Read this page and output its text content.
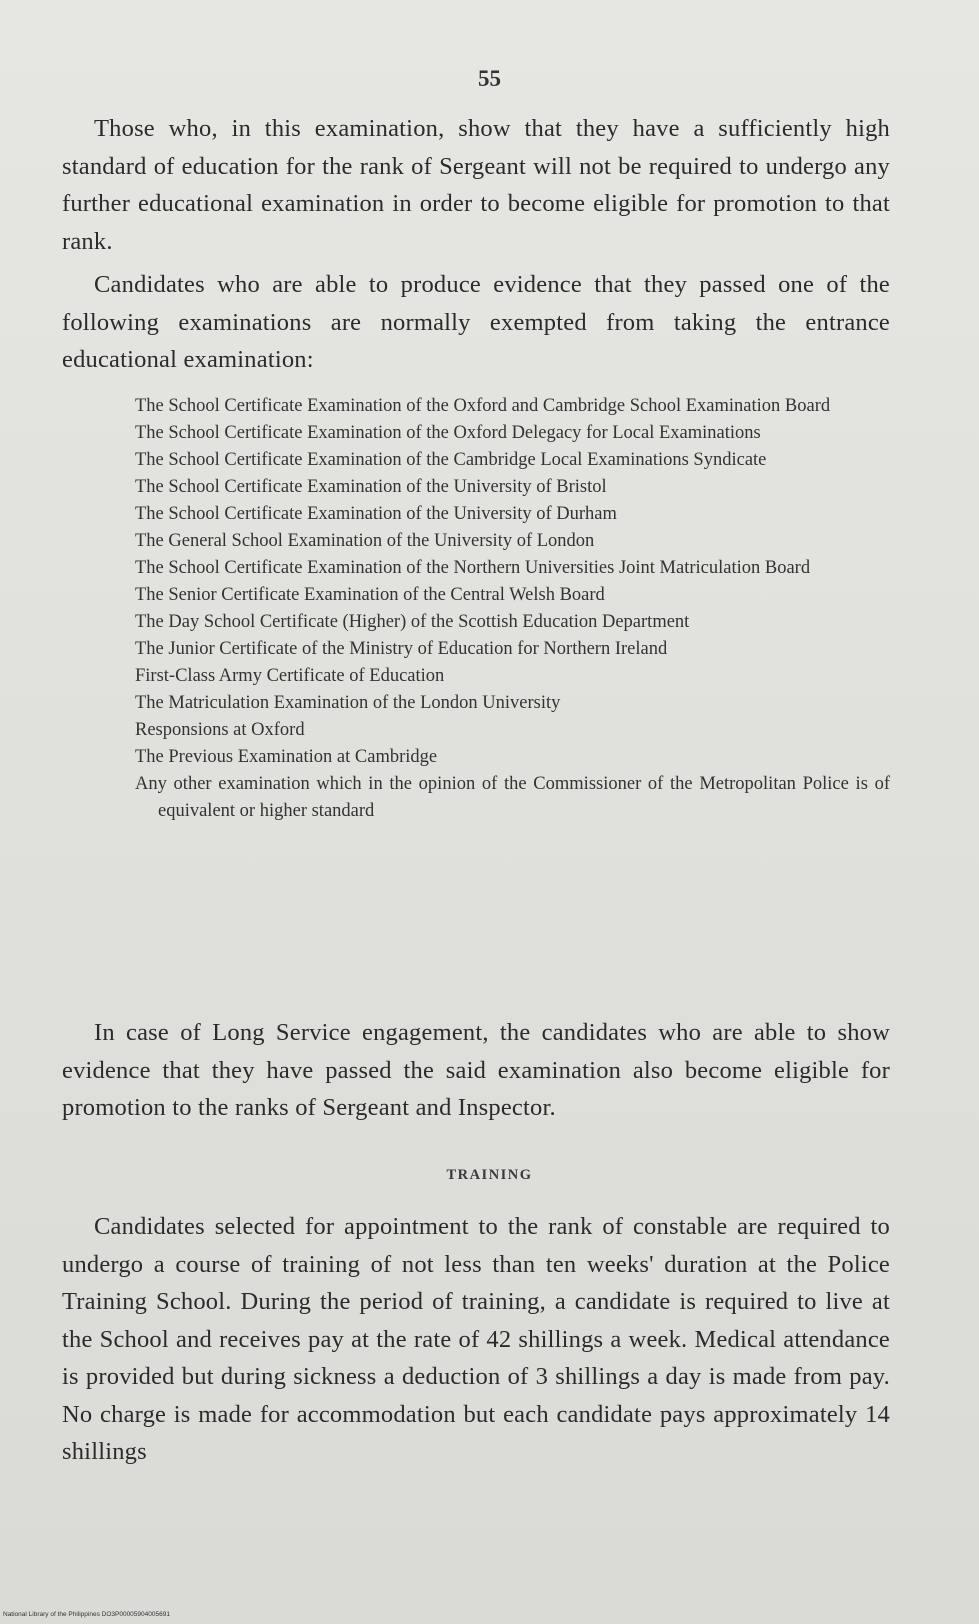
55

Those who, in this examination, show that they have a sufficiently high standard of education for the rank of Sergeant will not be required to undergo any further educational examination in order to become eligible for promotion to that rank.

Candidates who are able to produce evidence that they passed one of the following examinations are normally exempted from taking the entrance educational examination:

The School Certificate Examination of the Oxford and Cambridge School Examination Board
The School Certificate Examination of the Oxford Delegacy for Local Examinations
The School Certificate Examination of the Cambridge Local Examinations Syndicate
The School Certificate Examination of the University of Bristol
The School Certificate Examination of the University of Durham
The General School Examination of the University of London
The School Certificate Examination of the Northern Universities Joint Matriculation Board
The Senior Certificate Examination of the Central Welsh Board
The Day School Certificate (Higher) of the Scottish Education Department
The Junior Certificate of the Ministry of Education for Northern Ireland
First-Class Army Certificate of Education
The Matriculation Examination of the London University
Responsions at Oxford
The Previous Examination at Cambridge
Any other examination which in the opinion of the Commissioner of the Metropolitan Police is of equivalent or higher standard

In case of Long Service engagement, the candidates who are able to show evidence that they have passed the said examination also become eligible for promotion to the ranks of Sergeant and Inspector.

TRAINING

Candidates selected for appointment to the rank of constable are required to undergo a course of training of not less than ten weeks' duration at the Police Training School. During the period of training, a candidate is required to live at the School and receives pay at the rate of 42 shillings a week. Medical attendance is provided but during sickness a deduction of 3 shillings a day is made from pay. No charge is made for accommodation but each candidate pays approximately 14 shillings

National Library of the Philippines DO3P00005904005691
